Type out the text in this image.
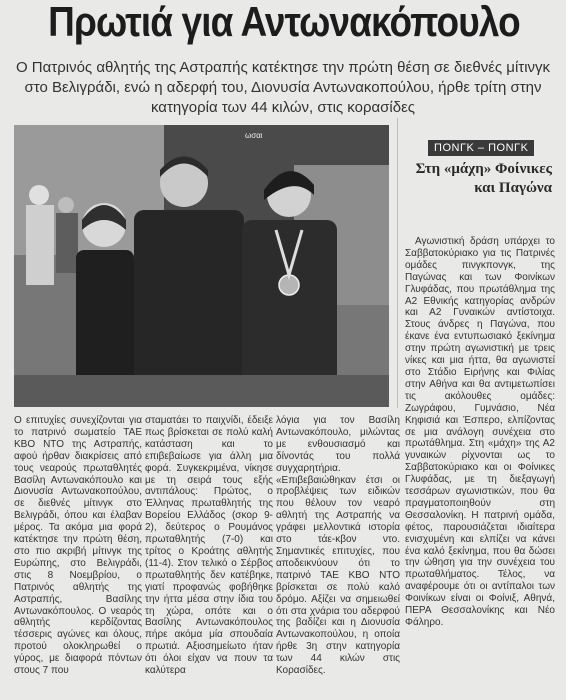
Πρωτιά για Αντωνακόπουλο
Ο Πατρινός αθλητής της Αστραπής κατέκτησε την πρώτη θέση σε διεθνές μίτινγκ στο Βελιγράδι, ενώ η αδερφή του, Διονυσία Αντωνακοπούλου, ήρθε τρίτη στην κατηγορία των 44 κιλών, στις κορασίδες
ωσαι
ΠΟΝΓΚ – ΠΟΝΓΚ
Στη «μάχη» Φοίνικες και Παγώνα
Ο επιτυχίες συνεχίζονται για το πατρινό σωματείο ΤΑΕ ΚΒΟ ΝΤΟ της Αστραπής, αφού ήρθαν διακρίσεις από τους νεαρούς πρωταθλητές Βασίλη Αντωνακόπουλο και Διονυσία Αντωνακοπούλου, σε διεθνές μίτινγκ στο Βελιγράδι, όπου και έλαβαν μέρος. Τα ακόμα μια φορά κατέκτησε την πρώτη θέση, στο πιο ακριβή μίτινγκ της Ευρώπης, στο Βελιγράδι, στις 8 Νοεμβρίου, ο Πατρινός αθλητής της Αστραπής, Βασίλης Αντωνακόπουλος. Ο νεαρός αθλητής κερδίζοντας τέσσερις αγώνες και όλους, προτού ολοκληρωθεί ο γύρος, με διαφορά πόντων στους 7 που
σταματάει το παιχνίδι, έδειξε πως βρίσκεται σε πολύ καλή κατάσταση και το επιβεβαίωσε για άλλη μια φορά. Συγκεκριμένα, νίκησε με τη σειρά τους εξής αντιπάλους: Πρώτος, ο Έλληνας πρωταθλητής της Βορείου Ελλάδος (σκορ 9-2), δεύτερος ο Ρουμάνος πρωταθλητής (7-0) και τρίτος ο Κροάτης αθλητής (11-4). Στον τελικό ο Σέρβος πρωταθλητής δεν κατέβηκε, γιατί προφανώς φοβήθηκε την ήττα μέσα στην ίδια του τη χώρα, οπότε και ο Βασίλης Αντωνακόπουλος πήρε ακόμα μία σπουδαία πρωτιά. Αξιοσημείωτο ήταν ότι όλοι είχαν να πουν τα καλύτερα
λόγια για τον Βασίλη Αντωνακόπουλο, μιλώντας με ενθουσιασμό και δίνοντάς του πολλά συγχαρητήρια. «Επιβεβαιώθηκαν έτσι οι προβλέψεις των ειδικών που θέλουν τον νεαρό αθλητή της Αστραπής να γράφει μελλοντικά ιστορία στο τάε-κβον ντο. Σημαντικές επιτυχίες, που αποδεικνύουν ότι το πατρινό ΤΑΕ ΚΒΟ ΝΤΟ βρίσκεται σε πολύ καλό δρόμο. Αξίζει να σημειωθεί ότι στα χνάρια του αδερφού της βαδίζει και η Διονυσία Αντωνακοπούλου, η οποία ήρθε 3η στην κατηγορία των 44 κιλών στις Κορασίδες.
Αγωνιστική δράση υπάρχει το Σαββατοκύριακο για τις Πατρινές ομάδες πινγκπονγκ, της Παγώνας και των Φοινίκων Γλυφάδας, που πρωτάθλημα της Α2 Εθνικής κατηγορίας ανδρών και Α2 Γυναικών αντίστοιχα. Στους άνδρες η Παγώνα, που έκανε ένα εντυπωσιακό ξεκίνημα στην πρώτη αγωνιστική με τρεις νίκες και μια ήττα, θα αγωνιστεί στο Στάδιο Ειρήνης και Φιλίας στην Αθήνα και θα αντιμετωπίσει τις ακόλουθες ομάδες: Ζωγράφου, Γυμνάσιο, Νέα Κηφισιά και Έσπερο, ελπίζοντας σε μια ανάλογη συνέχεια στο πρωτάθλημα. Στη «μάχη» της Α2 γυναικών ρίχνονται ως το Σαββατοκύριακο και οι Φοίνικες Γλυφάδας, με τη διεξαγωγή τεσσάρων αγωνιστικών, που θα πραγματοποιηθούν στη Θεσσαλονίκη. Η πατρινή ομάδα, φέτος, παρουσιάζεται ιδιαίτερα ενισχυμένη και ελπίζει να κάνει ένα καλό ξεκίνημα, που θα δώσει την ώθηση για την συνέχεια του πρωταθλήματος. Τέλος, να αναφέρουμε ότι οι αντίπαλοι των Φοινίκων είναι οι Φοίνιξ, Αθηνά, ΠΕΡΑ Θεσσαλονίκης και Νέο Φάληρο.
